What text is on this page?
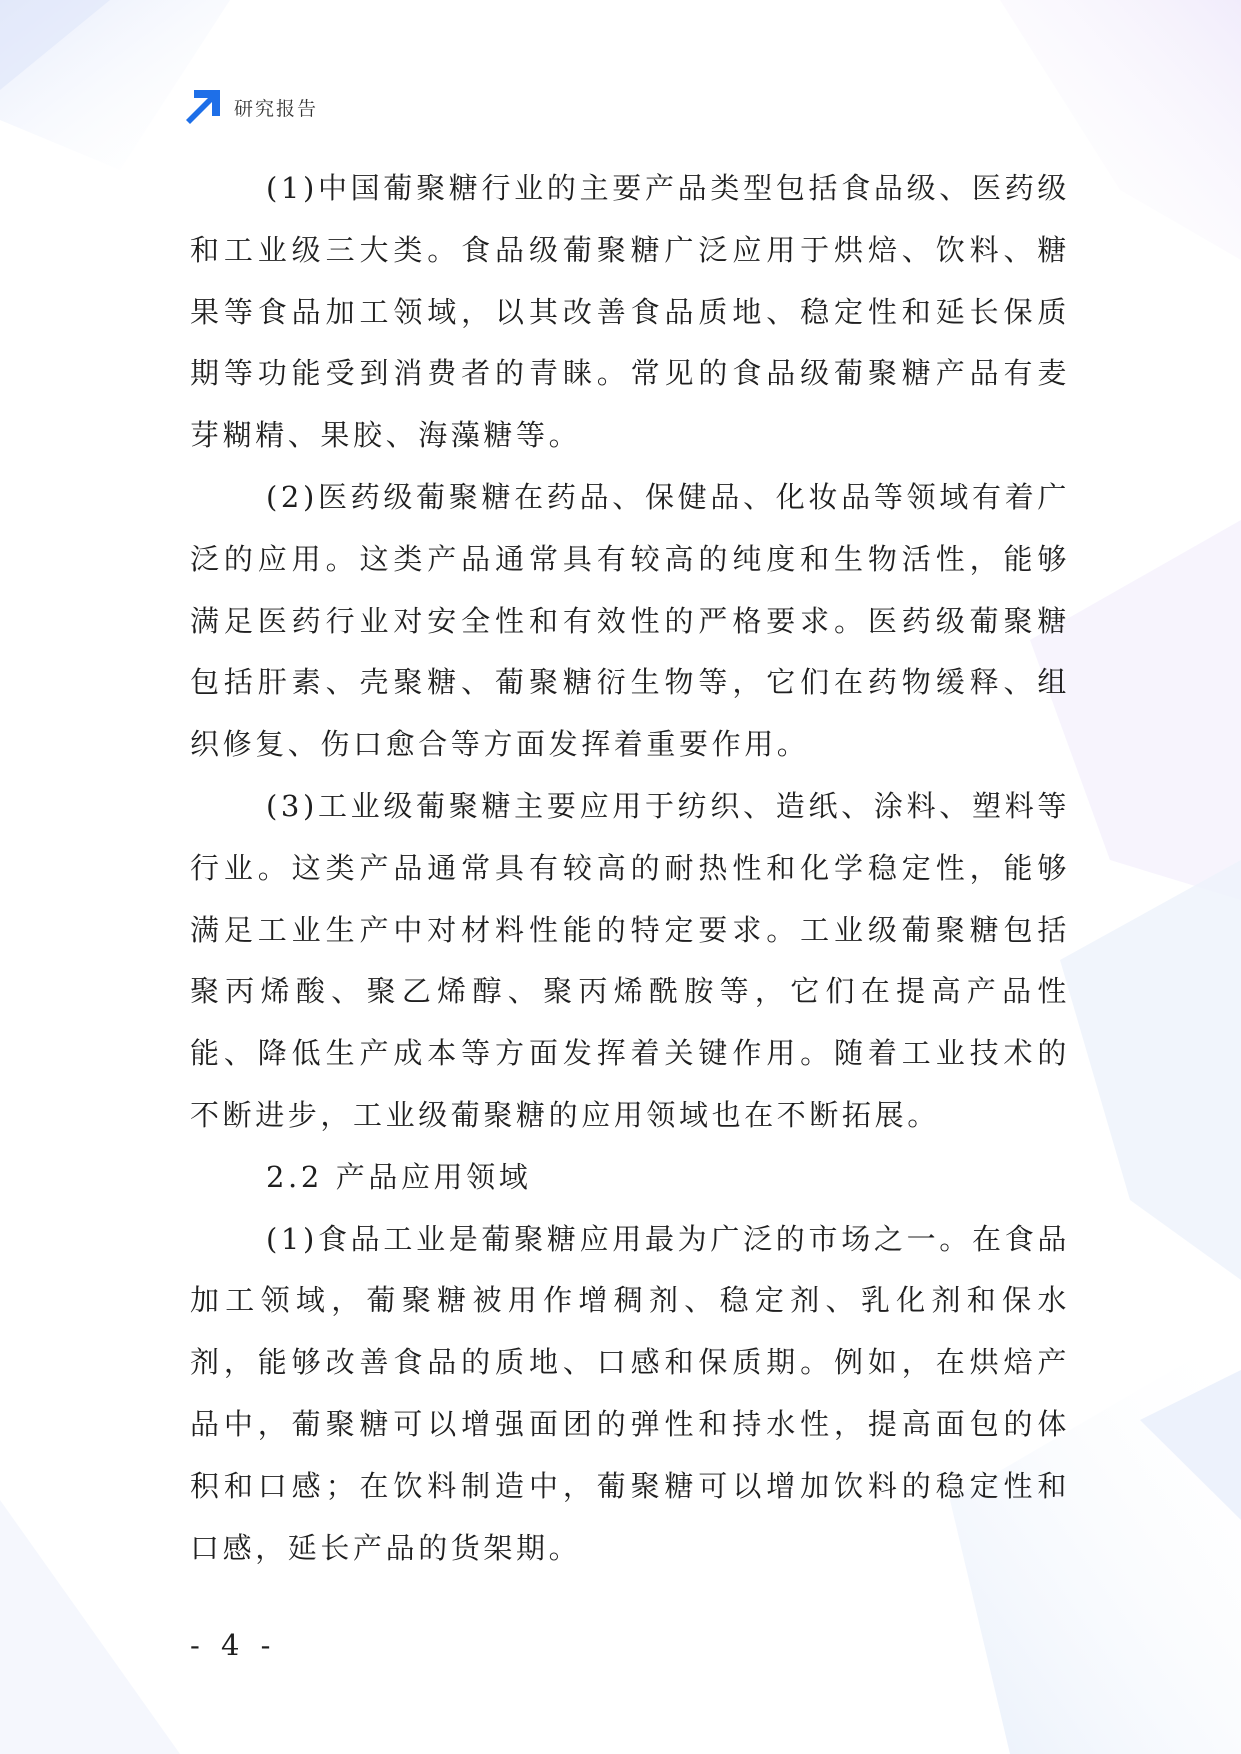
研究报告

(1)中国葡聚糖行业的主要产品类型包括食品级、医药级和工业级三大类。食品级葡聚糖广泛应用于烘焙、饮料、糖果等食品加工领域，以其改善食品质地、稳定性和延长保质期等功能受到消费者的青睐。常见的食品级葡聚糖产品有麦芽糊精、果胶、海藻糖等。

(2)医药级葡聚糖在药品、保健品、化妆品等领域有着广泛的应用。这类产品通常具有较高的纯度和生物活性，能够满足医药行业对安全性和有效性的严格要求。医药级葡聚糖包括肝素、壳聚糖、葡聚糖衍生物等，它们在药物缓释、组织修复、伤口愈合等方面发挥着重要作用。

(3)工业级葡聚糖主要应用于纺织、造纸、涂料、塑料等行业。这类产品通常具有较高的耐热性和化学稳定性，能够满足工业生产中对材料性能的特定要求。工业级葡聚糖包括聚丙烯酸、聚乙烯醇、聚丙烯酰胺等，它们在提高产品性能、降低生产成本等方面发挥着关键作用。随着工业技术的不断进步，工业级葡聚糖的应用领域也在不断拓展。

2.2 产品应用领域

(1)食品工业是葡聚糖应用最为广泛的市场之一。在食品加工领域，葡聚糖被用作增稠剂、稳定剂、乳化剂和保水剂，能够改善食品的质地、口感和保质期。例如，在烘焙产品中，葡聚糖可以增强面团的弹性和持水性，提高面包的体积和口感；在饮料制造中，葡聚糖可以增加饮料的稳定性和口感，延长产品的货架期。

- 4 -
